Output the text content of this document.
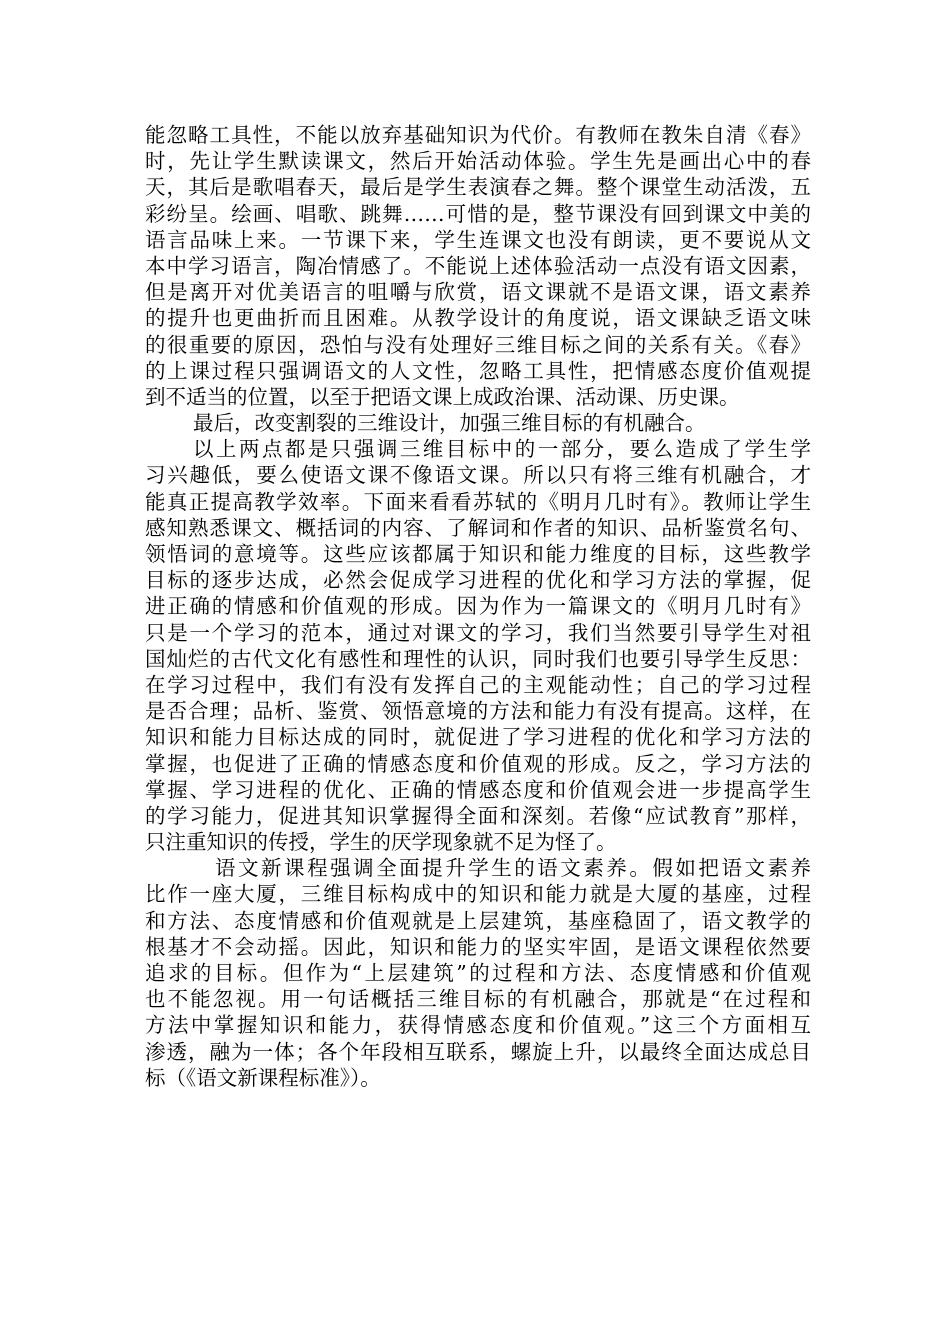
能忽略工具性，不能以放弃基础知识为代价。有教师在教朱自清《春》
时，先让学生默读课文，然后开始活动体验。学生先是画出心中的春
天，其后是歌唱春天，最后是学生表演春之舞。整个课堂生动活泼，五
彩纷呈。绘画、唱歌、跳舞……可惜的是，整节课没有回到课文中美的
语言品味上来。一节课下来，学生连课文也没有朗读，更不要说从文
本中学习语言，陶冶情感了。不能说上述体验活动一点没有语文因素，
但是离开对优美语言的咀嚼与欣赏，语文课就不是语文课，语文素养
的提升也更曲折而且困难。从教学设计的角度说，语文课缺乏语文味
的很重要的原因，恐怕与没有处理好三维目标之间的关系有关。《春》
的上课过程只强调语文的人文性，忽略工具性，把情感态度价值观提
到不适当的位置，以至于把语文课上成政治课、活动课、历史课。
最后，改变割裂的三维设计，加强三维目标的有机融合。
以上两点都是只强调三维目标中的一部分，要么造成了学生学
习兴趣低，要么使语文课不像语文课。所以只有将三维有机融合，才
能真正提高教学效率。下面来看看苏轼的《明月几时有》。教师让学生
感知熟悉课文、概括词的内容、了解词和作者的知识、品析鉴赏名句、
领悟词的意境等。这些应该都属于知识和能力维度的目标，这些教学
目标的逐步达成，必然会促成学习进程的优化和学习方法的掌握，促
进正确的情感和价值观的形成。因为作为一篇课文的《明月几时有》
只是一个学习的范本，通过对课文的学习，我们当然要引导学生对祖
国灿烂的古代文化有感性和理性的认识，同时我们也要引导学生反思：
在学习过程中，我们有没有发挥自己的主观能动性；自己的学习过程
是否合理；品析、鉴赏、领悟意境的方法和能力有没有提高。这样，在
知识和能力目标达成的同时，就促进了学习进程的优化和学习方法的
掌握，也促进了正确的情感态度和价值观的形成。反之，学习方法的
掌握、学习进程的优化、正确的情感态度和价值观会进一步提高学生
的学习能力，促进其知识掌握得全面和深刻。若像“应试教育”那样，
只注重知识的传授，学生的厌学现象就不足为怪了。
语文新课程强调全面提升学生的语文素养。假如把语文素养
比作一座大厦，三维目标构成中的知识和能力就是大厦的基座，过程
和方法、态度情感和价值观就是上层建筑，基座稳固了，语文教学的
根基才不会动摇。因此，知识和能力的坚实牢固，是语文课程依然要
追求的目标。但作为“上层建筑”的过程和方法、态度情感和价值观
也不能忽视。用一句话概括三维目标的有机融合，那就是“在过程和
方法中掌握知识和能力，获得情感态度和价值观。”这三个方面相互
渗透，融为一体；各个年段相互联系，螺旋上升，以最终全面达成总目
标（《语文新课程标准》）。
